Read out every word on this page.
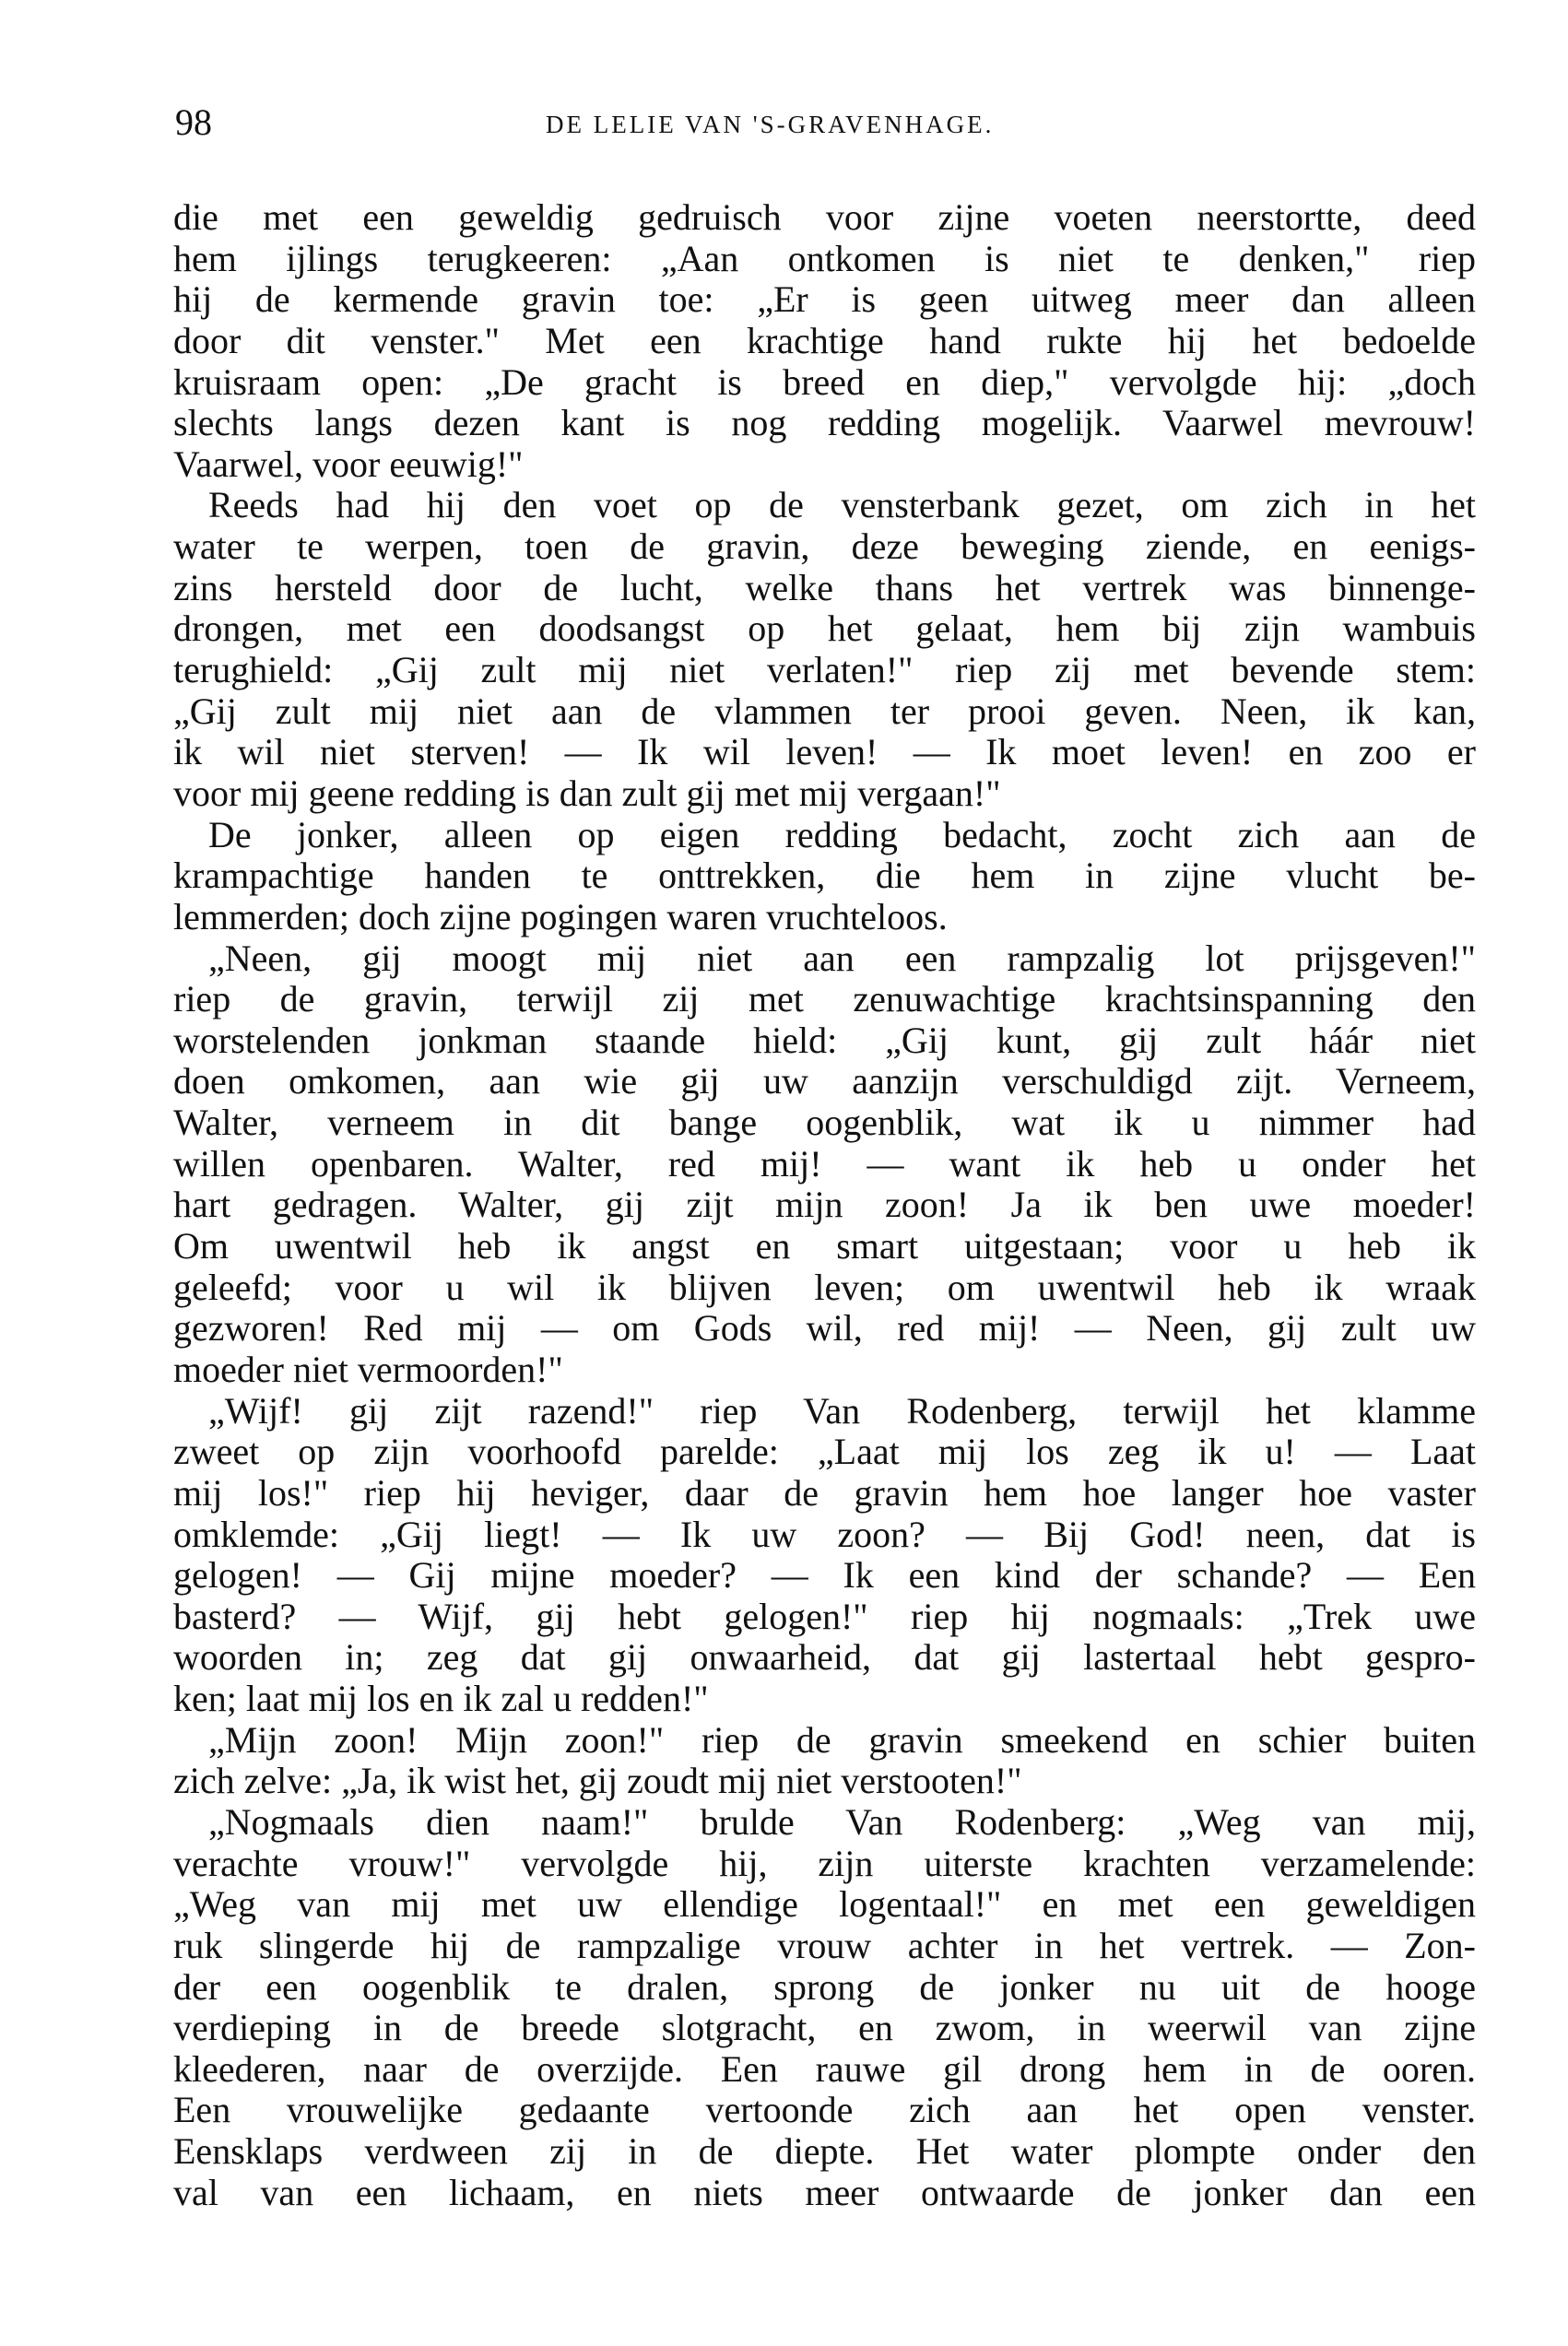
98	DE LELIE VAN 'S-GRAVENHAGE.
die met een geweldig gedruisch voor zijne voeten neerstortte, deed
hem ijlings terugkeeren: „Aan ontkomen is niet te denken," riep
hij de kermende gravin toe: „Er is geen uitweg meer dan alleen
door dit venster." Met een krachtige hand rukte hij het bedoelde
kruisraam open: „De gracht is breed en diep," vervolgde hij: „doch
slechts langs dezen kant is nog redding mogelijk. Vaarwel mevrouw!
Vaarwel, voor eeuwig!"
Reeds had hij den voet op de vensterbank gezet, om zich in het
water te werpen, toen de gravin, deze beweging ziende, en eenigs-
zins hersteld door de lucht, welke thans het vertrek was binnenge-
drongen, met een doodsangst op het gelaat, hem bij zijn wambuis
terughield: „Gij zult mij niet verlaten!" riep zij met bevende stem:
„Gij zult mij niet aan de vlammen ter prooi geven. Neen, ik kan,
ik wil niet sterven! — Ik wil leven! — Ik moet leven! en zoo er
voor mij geene redding is dan zult gij met mij vergaan!"
De jonker, alleen op eigen redding bedacht, zocht zich aan de
krampachtige handen te onttrekken, die hem in zijne vlucht be-
lemmerden; doch zijne pogingen waren vruchteloos.
„Neen, gij moogt mij niet aan een rampzalig lot prijsgeven!"
riep de gravin, terwijl zij met zenuwachtige krachtsinspanning den
worstelenden jonkman staande hield: „Gij kunt, gij zult háár niet
doen omkomen, aan wie gij uw aanzijn verschuldigd zijt. Verneem,
Walter, verneem in dit bange oogenblik, wat ik u nimmer had
willen openbaren. Walter, red mij! — want ik heb u onder het
hart gedragen. Walter, gij zijt mijn zoon! Ja ik ben uwe moeder!
Om uwentwil heb ik angst en smart uitgestaan; voor u heb ik
geleefd; voor u wil ik blijven leven; om uwentwil heb ik wraak
gezworen! Red mij — om Gods wil, red mij! — Neen, gij zult uw
moeder niet vermoorden!"
„Wijf! gij zijt razend!" riep Van Rodenberg, terwijl het klamme
zweet op zijn voorhoofd parelde: „Laat mij los zeg ik u! — Laat
mij los!" riep hij heviger, daar de gravin hem hoe langer hoe vaster
omklemde: „Gij liegt! — Ik uw zoon? — Bij God! neen, dat is
gelogen! — Gij mijne moeder? — Ik een kind der schande? — Een
basterd? — Wijf, gij hebt gelogen!" riep hij nogmaals: „Trek uwe
woorden in; zeg dat gij onwaarheid, dat gij lastertaal hebt gespro-
ken; laat mij los en ik zal u redden!"
„Mijn zoon! Mijn zoon!" riep de gravin smeekend en schier buiten
zich zelve: „Ja, ik wist het, gij zoudt mij niet verstooten!"
„Nogmaals dien naam!" brulde Van Rodenberg: „Weg van mij,
verachte vrouw!" vervolgde hij, zijn uiterste krachten verzamelende:
„Weg van mij met uw ellendige logentaal!" en met een geweldigen
ruk slingerde hij de rampzalige vrouw achter in het vertrek. — Zon-
der een oogenblik te dralen, sprong de jonker nu uit de hooge
verdieping in de breede slotgracht, en zwom, in weerwil van zijne
kleederen, naar de overzijde. Een rauwe gil drong hem in de ooren.
Een vrouwelijke gedaante vertoonde zich aan het open venster.
Eensklaps verdween zij in de diepte. Het water plompte onder den
val van een lichaam, en niets meer ontwaarde de jonker dan een
